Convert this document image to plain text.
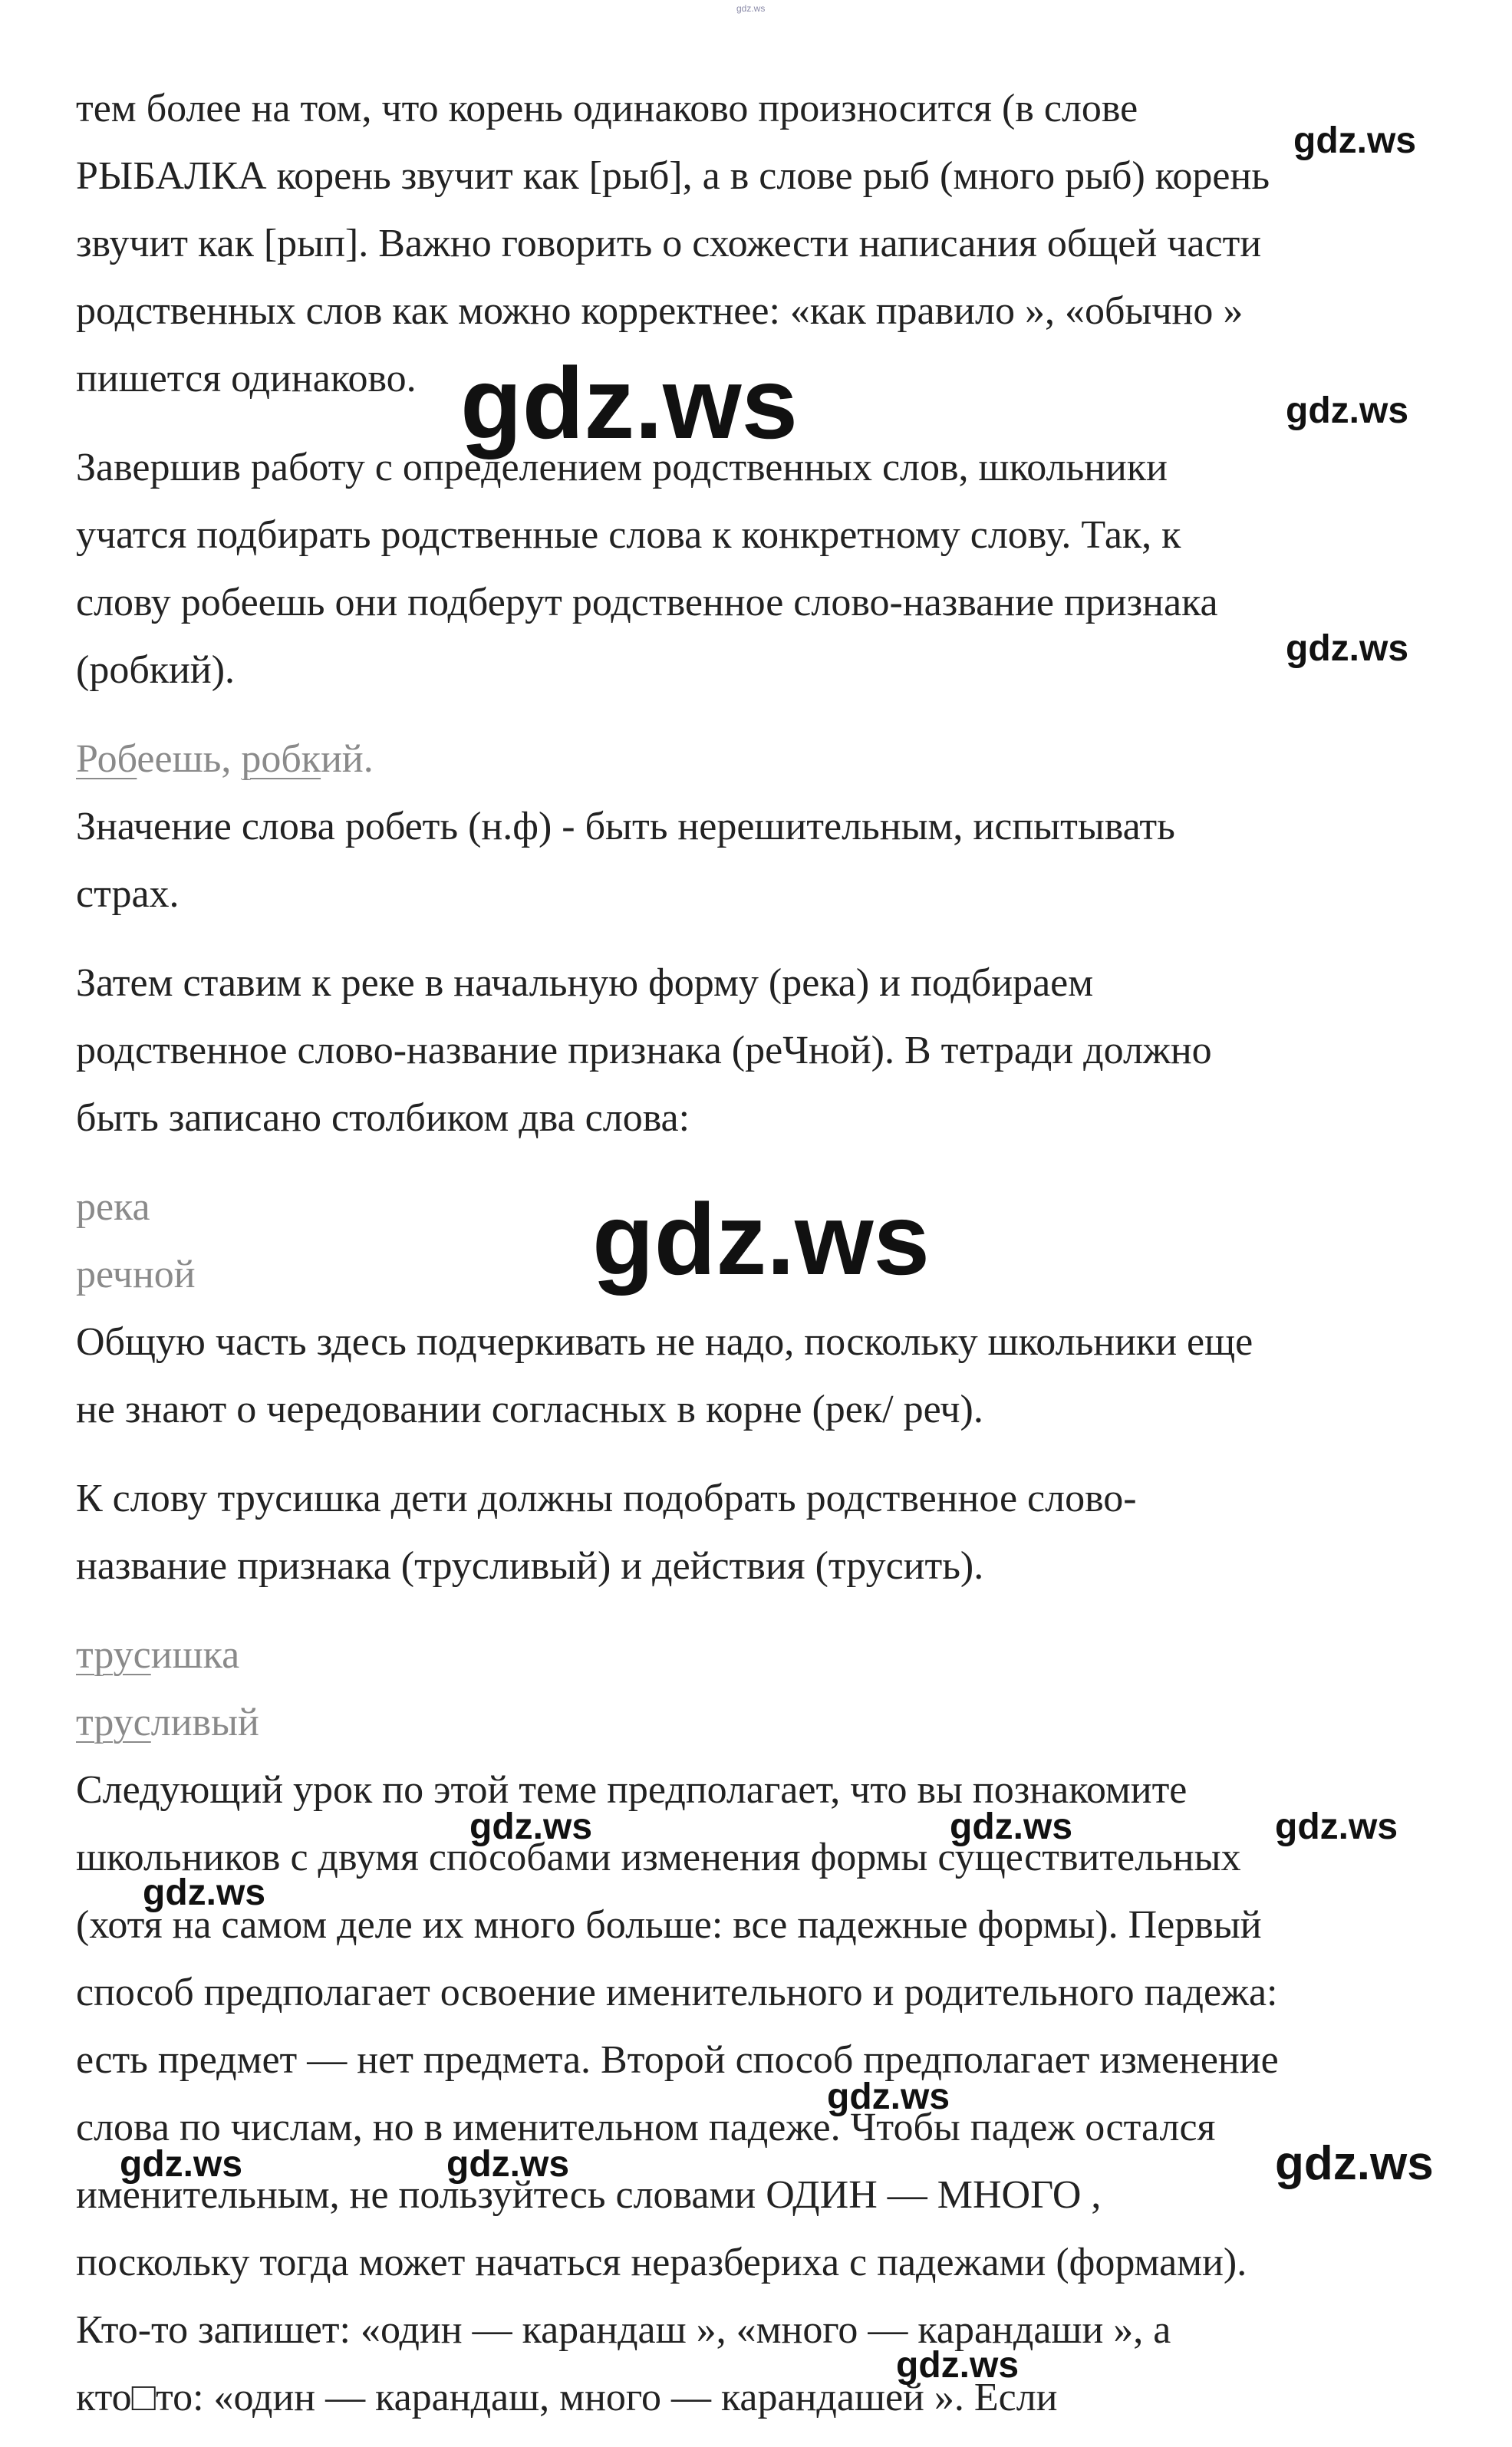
gdz.ws

тем более на том, что корень одинаково произносится (в слове
РЫБАЛКА корень звучит как [рыб], а в слове рыб (много рыб) корень
звучит как [рып]. Важно говорить о схожести написания общей части
родственных слов как можно корректнее: «как правило », «обычно »
пишется одинаково.

Завершив работу с определением родственных слов, школьники
учатся подбирать родственные слова к конкретному слову. Так, к
слову робеешь они подберут родственное слово-название признака
(робкий).

Робеешь, робкий.

Значение слова робеть (н.ф) - быть нерешительным, испытывать
страх.

Затем ставим к реке в начальную форму (река) и подбираем
родственное слово-название признака (реЧной). В тетради должно
быть записано столбиком два слова:

река
речной

Общую часть здесь подчеркивать не надо, поскольку школьники еще
не знают о чередовании согласных в корне (рек/ реч).

К слову трусишка дети должны подобрать родственное слово-
название признака (трусливый) и действия (трусить).

трусишка
трусливый

Следующий урок по этой теме предполагает, что вы познакомите
школьников с двумя способами изменения формы существительных
(хотя на самом деле их много больше: все падежные формы). Первый
способ предполагает освоение именительного и родительного падежа:
есть предмет — нет предмета. Второй способ предполагает изменение
слова по числам, но в именительном падеже. Чтобы падеж остался
именительным, не пользуйтесь словами ОДИН — МНОГО ,
поскольку тогда может начаться неразбериха с падежами (формами).
Кто-то запишет: «один — карандаш », «много — карандаши », а
кто□то: «один — карандаш, много — карандашей ». Если

gdz.ws
gdz.ws	gdz.ws
gdz.ws
gdz.ws
gdz.ws	gdz.ws	gdz.ws
gdz.ws
gdz.ws
gdz.ws	gdz.ws	gdz.ws
gdz.ws
